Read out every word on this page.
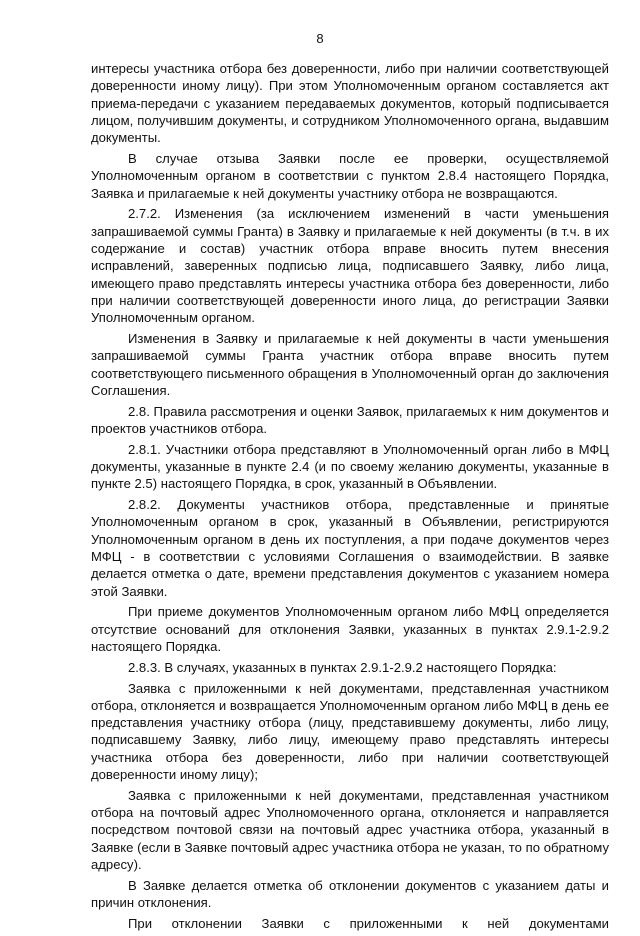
8

интересы участника отбора без доверенности, либо при наличии соответствующей доверенности иному лицу). При этом Уполномоченным органом составляется акт приема-передачи с указанием передаваемых документов, который подписывается лицом, получившим документы, и сотрудником Уполномоченного органа, выдавшим документы.

В случае отзыва Заявки после ее проверки, осуществляемой Уполномоченным органом в соответствии с пунктом 2.8.4 настоящего Порядка, Заявка и прилагаемые к ней документы участнику отбора не возвращаются.

2.7.2. Изменения (за исключением изменений в части уменьшения запрашиваемой суммы Гранта) в Заявку и прилагаемые к ней документы (в т.ч. в их содержание и состав) участник отбора вправе вносить путем внесения исправлений, заверенных подписью лица, подписавшего Заявку, либо лица, имеющего право представлять интересы участника отбора без доверенности, либо при наличии соответствующей доверенности иного лица, до регистрации Заявки Уполномоченным органом.

Изменения в Заявку и прилагаемые к ней документы в части уменьшения запрашиваемой суммы Гранта участник отбора вправе вносить путем соответствующего письменного обращения в Уполномоченный орган до заключения Соглашения.

2.8. Правила рассмотрения и оценки Заявок, прилагаемых к ним документов и проектов участников отбора.

2.8.1. Участники отбора представляют в Уполномоченный орган либо в МФЦ документы, указанные в пункте 2.4 (и по своему желанию документы, указанные в пункте 2.5) настоящего Порядка, в срок, указанный в Объявлении.

2.8.2. Документы участников отбора, представленные и принятые Уполномоченным органом в срок, указанный в Объявлении, регистрируются Уполномоченным органом в день их поступления, а при подаче документов через МФЦ - в соответствии с условиями Соглашения о взаимодействии. В заявке делается отметка о дате, времени представления документов с указанием номера этой Заявки.

При приеме документов Уполномоченным органом либо МФЦ определяется отсутствие оснований для отклонения Заявки, указанных в пунктах 2.9.1-2.9.2 настоящего Порядка.

2.8.3. В случаях, указанных в пунктах 2.9.1-2.9.2 настоящего Порядка:

Заявка с приложенными к ней документами, представленная участником отбора, отклоняется и возвращается Уполномоченным органом либо МФЦ в день ее представления участнику отбора (лицу, представившему документы, либо лицу, подписавшему Заявку, либо лицу, имеющему право представлять интересы участника отбора без доверенности, либо при наличии соответствующей доверенности иному лицу);

Заявка с приложенными к ней документами, представленная участником отбора на почтовый адрес Уполномоченного органа, отклоняется и направляется посредством почтовой связи на почтовый адрес участника отбора, указанный в Заявке (если в Заявке почтовый адрес участника отбора не указан, то по обратному адресу).

В Заявке делается отметка об отклонении документов с указанием даты и причин отклонения.

При отклонении Заявки с приложенными к ней документами
